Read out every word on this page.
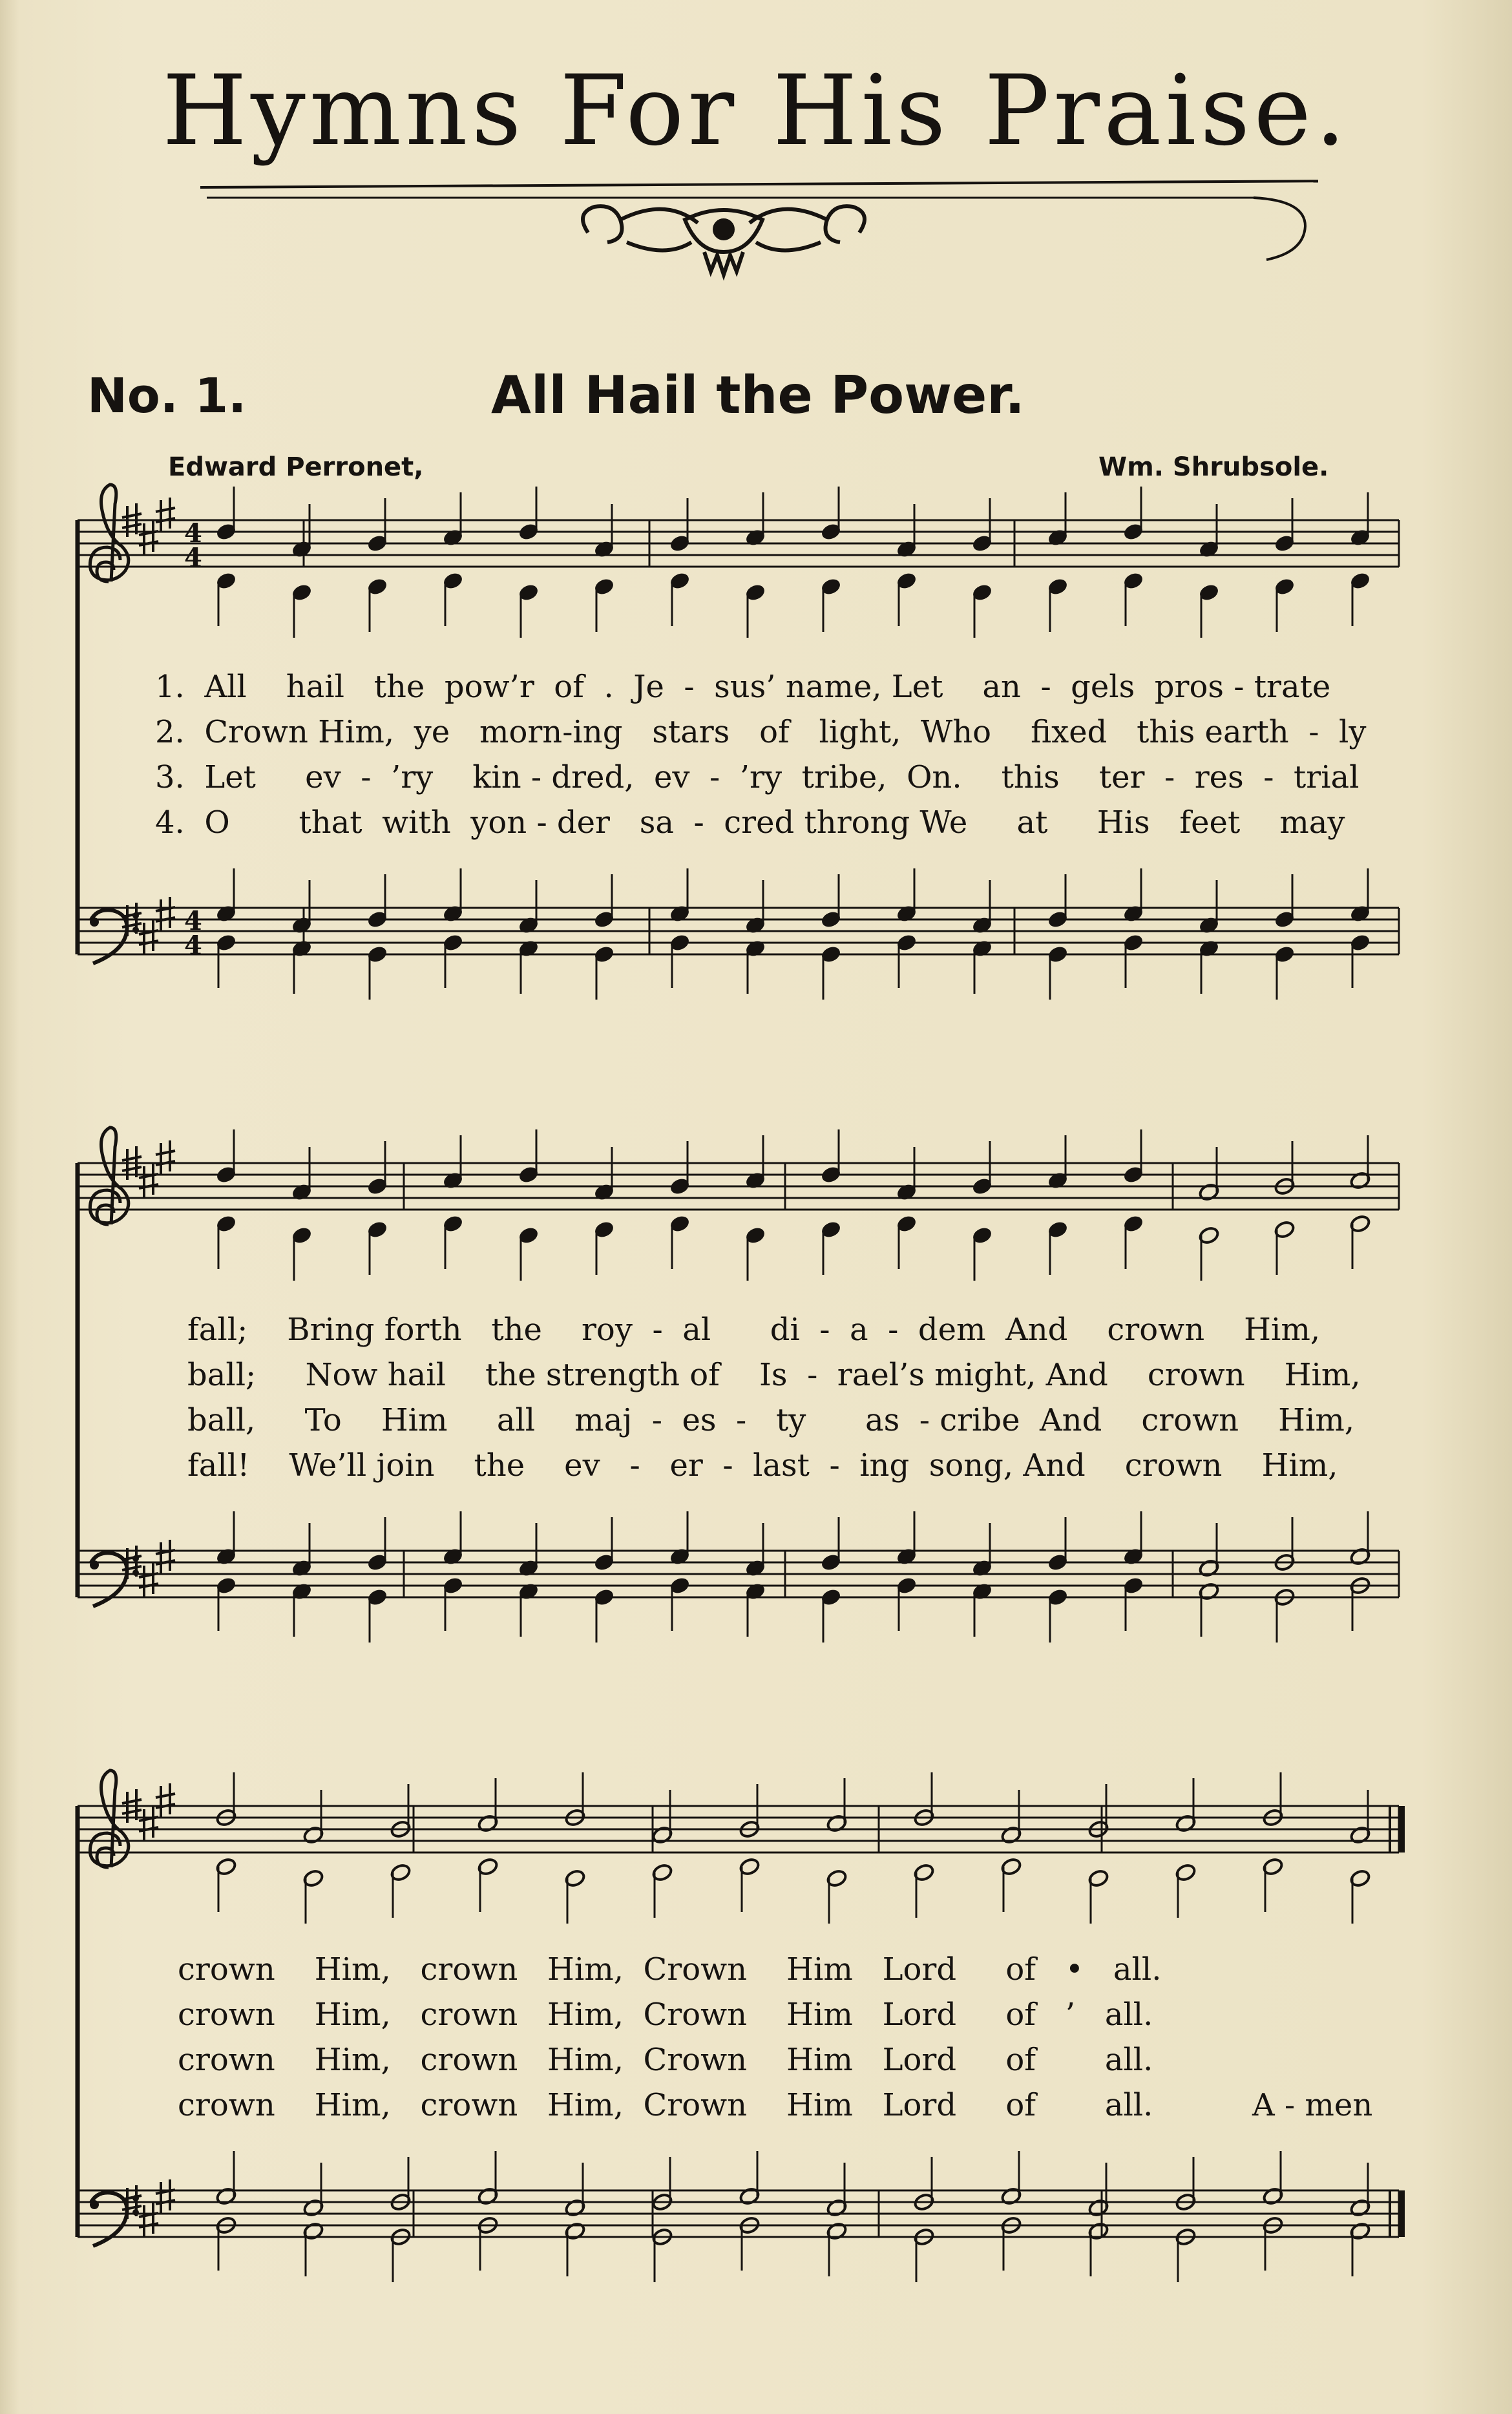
Hymns For His Praise.
No. 1.	All Hail the Power.
Edward Perronet,	Wm. Shrubsole.
4
4
4
4
1.  All    hail   the  pow’r  of  .  Je  -  sus’ name, Let    an  -  gels  pros - trate
2.  Crown Him,  ye   morn-ing   stars   of   light,  Who    fixed   this earth  -  ly
3.  Let     ev  -  ’ry    kin - dred,  ev  -  ’ry  tribe,  On.    this    ter  -  res  -  trial
4.  O       that  with  yon - der   sa  -  cred throng We     at     His   feet    may
fall;    Bring forth   the    roy  -  al      di  -  a  -  dem  And    crown    Him,
ball;     Now hail    the strength of    Is  -  rael’s might, And    crown    Him,
ball,     To    Him     all    maj  -  es  -   ty      as  - cribe  And    crown    Him,
fall!    We’ll join    the    ev   -   er  -  last  -  ing  song, And    crown    Him,
crown    Him,   crown   Him,  Crown    Him   Lord     of   •   all.
crown    Him,   crown   Him,  Crown    Him   Lord     of   ’   all.
crown    Him,   crown   Him,  Crown    Him   Lord     of       all.
crown    Him,   crown   Him,  Crown    Him   Lord     of       all.	A - men
